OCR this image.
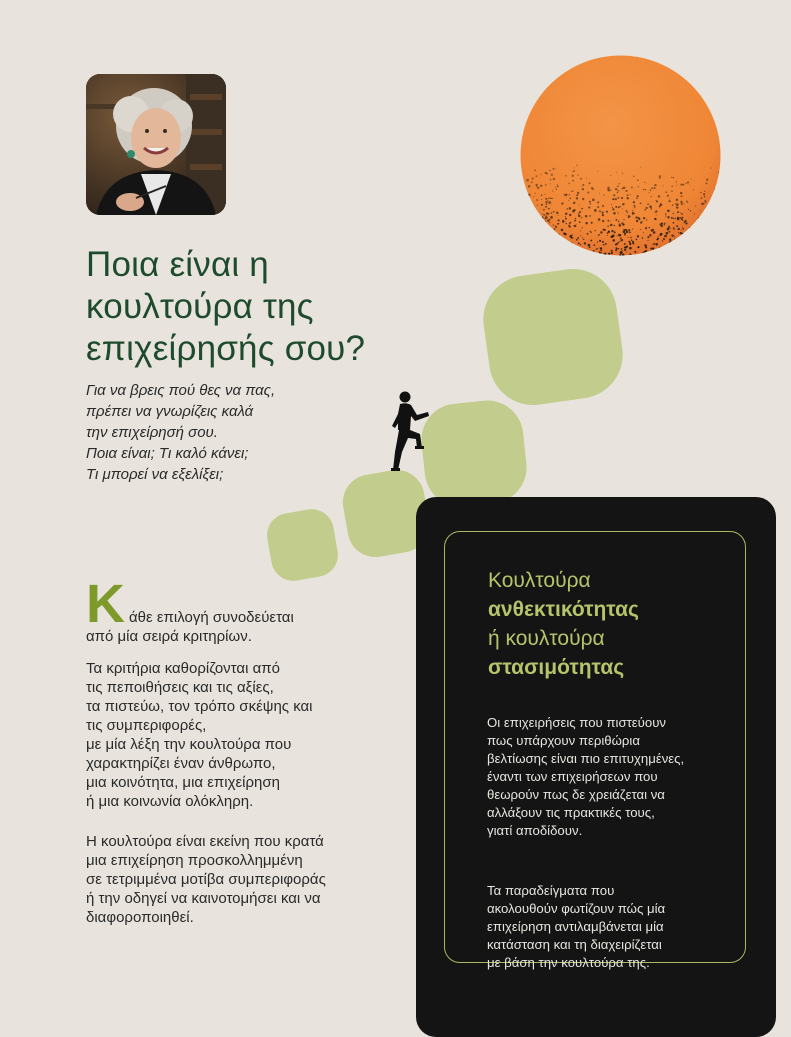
Ποια είναι η
κουλτούρα της
επιχείρησής σου?
Για να βρεις πού θες να πας,
πρέπει να γνωρίζεις καλά
την επιχείρησή σου.
Ποια είναι; Τι καλό κάνει;
Τι μπορεί να εξελίξει;
Κουλτούρα
ανθεκτικότητας
ή κουλτούρα
στασιμότητας

Οι επιχειρήσεις που πιστεύουν
πως υπάρχουν περιθώρια
βελτίωσης είναι πιο επιτυχημένες,
έναντι των επιχειρήσεων που
θεωρούν πως δε χρειάζεται να
αλλάξουν τις πρακτικές τους,
γιατί αποδίδουν.

Τα παραδείγματα που
ακολουθούν φωτίζουν πώς μία
επιχείρηση αντιλαμβάνεται μία
κατάσταση και τη διαχειρίζεται
με βάση την κουλτούρα της.

Κ άθε επιλογή συνοδεύεται
από μία σειρά κριτηρίων.
Τα κριτήρια καθορίζονται από
τις πεποιθήσεις και τις αξίες,
τα πιστεύω, τον τρόπο σκέψης και
τις συμπεριφορές,
με μία λέξη την κουλτούρα που
χαρακτηρίζει έναν άνθρωπο,
μια κοινότητα, μια επιχείρηση
ή μια κοινωνία ολόκληρη.
Η κουλτούρα είναι εκείνη που κρατά
μια επιχείρηση προσκολλημμένη
σε τετριμμένα μοτίβα συμπεριφοράς
ή την οδηγεί να καινοτομήσει και να
διαφοροποιηθεί.
